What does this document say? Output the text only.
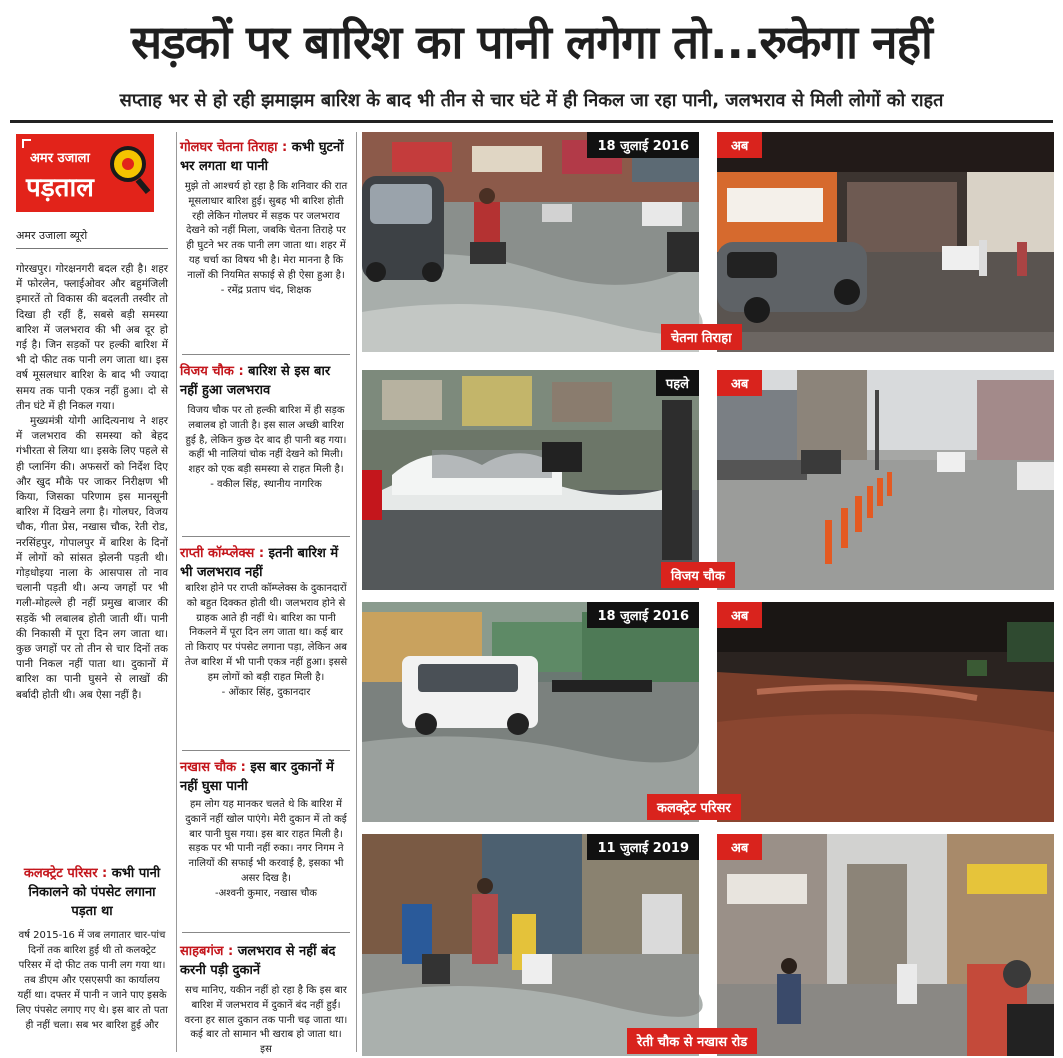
सड़कों पर बारिश का पानी लगेगा तो...रुकेगा नहीं
सप्ताह भर से हो रही झमाझम बारिश के बाद भी तीन से चार घंटे में ही निकल जा रहा पानी, जलभराव से मिली लोगों को राहत
अमर उजाला
पड़ताल
अमर उजाला ब्यूरो

गोरखपुर। गोरक्षनगरी बदल रही है। शहर में फोरलेन, फ्लाईओवर और बहुमंजिली इमारतें तो विकास की बदलती तस्वीर तो दिखा ही रहीं हैं, सबसे बड़ी समस्या बारिश में जलभराव की भी अब दूर हो गई है। जिन सड़कों पर हल्की बारिश में भी दो फीट तक पानी लग जाता था। इस वर्ष मूसलधार बारिश के बाद भी ज्यादा समय तक पानी एकत्र नहीं हुआ। दो से तीन घंटे में ही निकल गया।

मुख्यमंत्री योगी आदित्यनाथ ने शहर में जलभराव की समस्या को बेहद गंभीरता से लिया था। इसके लिए पहले से ही प्लानिंग की। अफसरों को निर्देश दिए और खुद मौके पर जाकर निरीक्षण भी किया, जिसका परिणाम इस मानसूनी बारिश में दिखने लगा है। गोलघर, विजय चौक, गीता प्रेस, नखास चौक, रेती रोड, नरसिंहपुर, गोपालपुर में बारिश के दिनों में लोगों को सांसत झेलनी पड़ती थी। गोड़धोइया नाला के आसपास तो नाव चलानी पड़ती थी। अन्य जगहों पर भी गली-मोहल्ले ही नहीं प्रमुख बाजार की सड़कें भी लबालब होती जाती थीं। पानी की निकासी में पूरा दिन लग जाता था। कुछ जगहों पर तो तीन से चार दिनों तक पानी निकल नहीं पाता था। दुकानों में बारिश का पानी घुसने से लाखों की बर्बादी होती थी। अब ऐसा नहीं है।

कलक्ट्रेट परिसर : कभी पानी निकालने को पंपसेट लगाना पड़ता था
वर्ष 2015-16 में जब लगातार चार-पांच दिनों तक बारिश हुई थी तो कलक्ट्रेट परिसर में दो फीट तक पानी लग गया था। तब डीएम और एसएसपी का कार्यालय यहीं था। दफ्तर में पानी न जाने पाए इसके लिए पंपसेट लगाए गए थे। इस बार तो पता ही नहीं चला। सब भर बारिश हुई और
गोलघर चेतना तिराहा : कभी घुटनों भर लगता था पानी
मुझे तो आश्चर्य हो रहा है कि शनिवार की रात मूसलाधार बारिश हुई। सुबह भी बारिश होती रही लेकिन गोलघर में सड़क पर जलभराव देखने को नहीं मिला, जबकि चेतना तिराहे पर ही घुटने भर तक पानी लग जाता था। शहर में यह चर्चा का विषय भी है। मेरा मानना है कि नालों की नियमित सफाई से ही ऐसा हुआ है।
- रमेंद्र प्रताप चंद, शिक्षक
विजय चौक : बारिश से इस बार नहीं हुआ जलभराव
विजय चौक पर तो हल्की बारिश में ही सड़क लबालब हो जाती है। इस साल अच्छी बारिश हुई है, लेकिन कुछ देर बाद ही पानी बह गया। कहीं भी नालियां चोक नहीं देखने को मिली। शहर को एक बड़ी समस्या से राहत मिली है।
- वकील सिंह, स्थानीय नागरिक
राप्ती कॉम्प्लेक्स : इतनी बारिश में भी जलभराव नहीं
बारिश होने पर राप्ती कॉम्प्लेक्स के दुकानदारों को बहुत दिक्कत होती थी। जलभराव होने से ग्राहक आते ही नहीं थे। बारिश का पानी निकलने में पूरा दिन लग जाता था। कई बार तो किराए पर पंपसेट लगाना पड़ा, लेकिन अब तेज बारिश में भी पानी एकत्र नहीं हुआ। इससे हम लोगों को बड़ी राहत मिली है।
- ओंकार सिंह, दुकानदार
नखास चौक : इस बार दुकानों में नहीं घुसा पानी
हम लोग यह मानकर चलते थे कि बारिश में दुकानें नहीं खोल पाएंगे। मेरी दुकान में तो कई बार पानी घुस गया। इस बार राहत मिली है। सड़क पर भी पानी नहीं रुका। नगर निगम ने नालियों की सफाई भी करवाई है, इसका भी असर दिख है।
-अश्वनी कुमार, नखास चौक
साहबगंज : जलभराव से नहीं बंद करनी पड़ी दुकानें
सच मानिए, यकीन नहीं हो रहा है कि इस बार बारिश में जलभराव में दुकानें बंद नहीं हुईं। वरना हर साल दुकान तक पानी चढ़ जाता था। कई बार तो सामान भी खराब हो जाता था। इस
18 जुलाई 2016	अब
चेतना तिराहा
पहले	अब
विजय चौक
18 जुलाई 2016	अब
कलक्ट्रेट परिसर
11 जुलाई 2019	अब
रेती चौक से नखास रोड
